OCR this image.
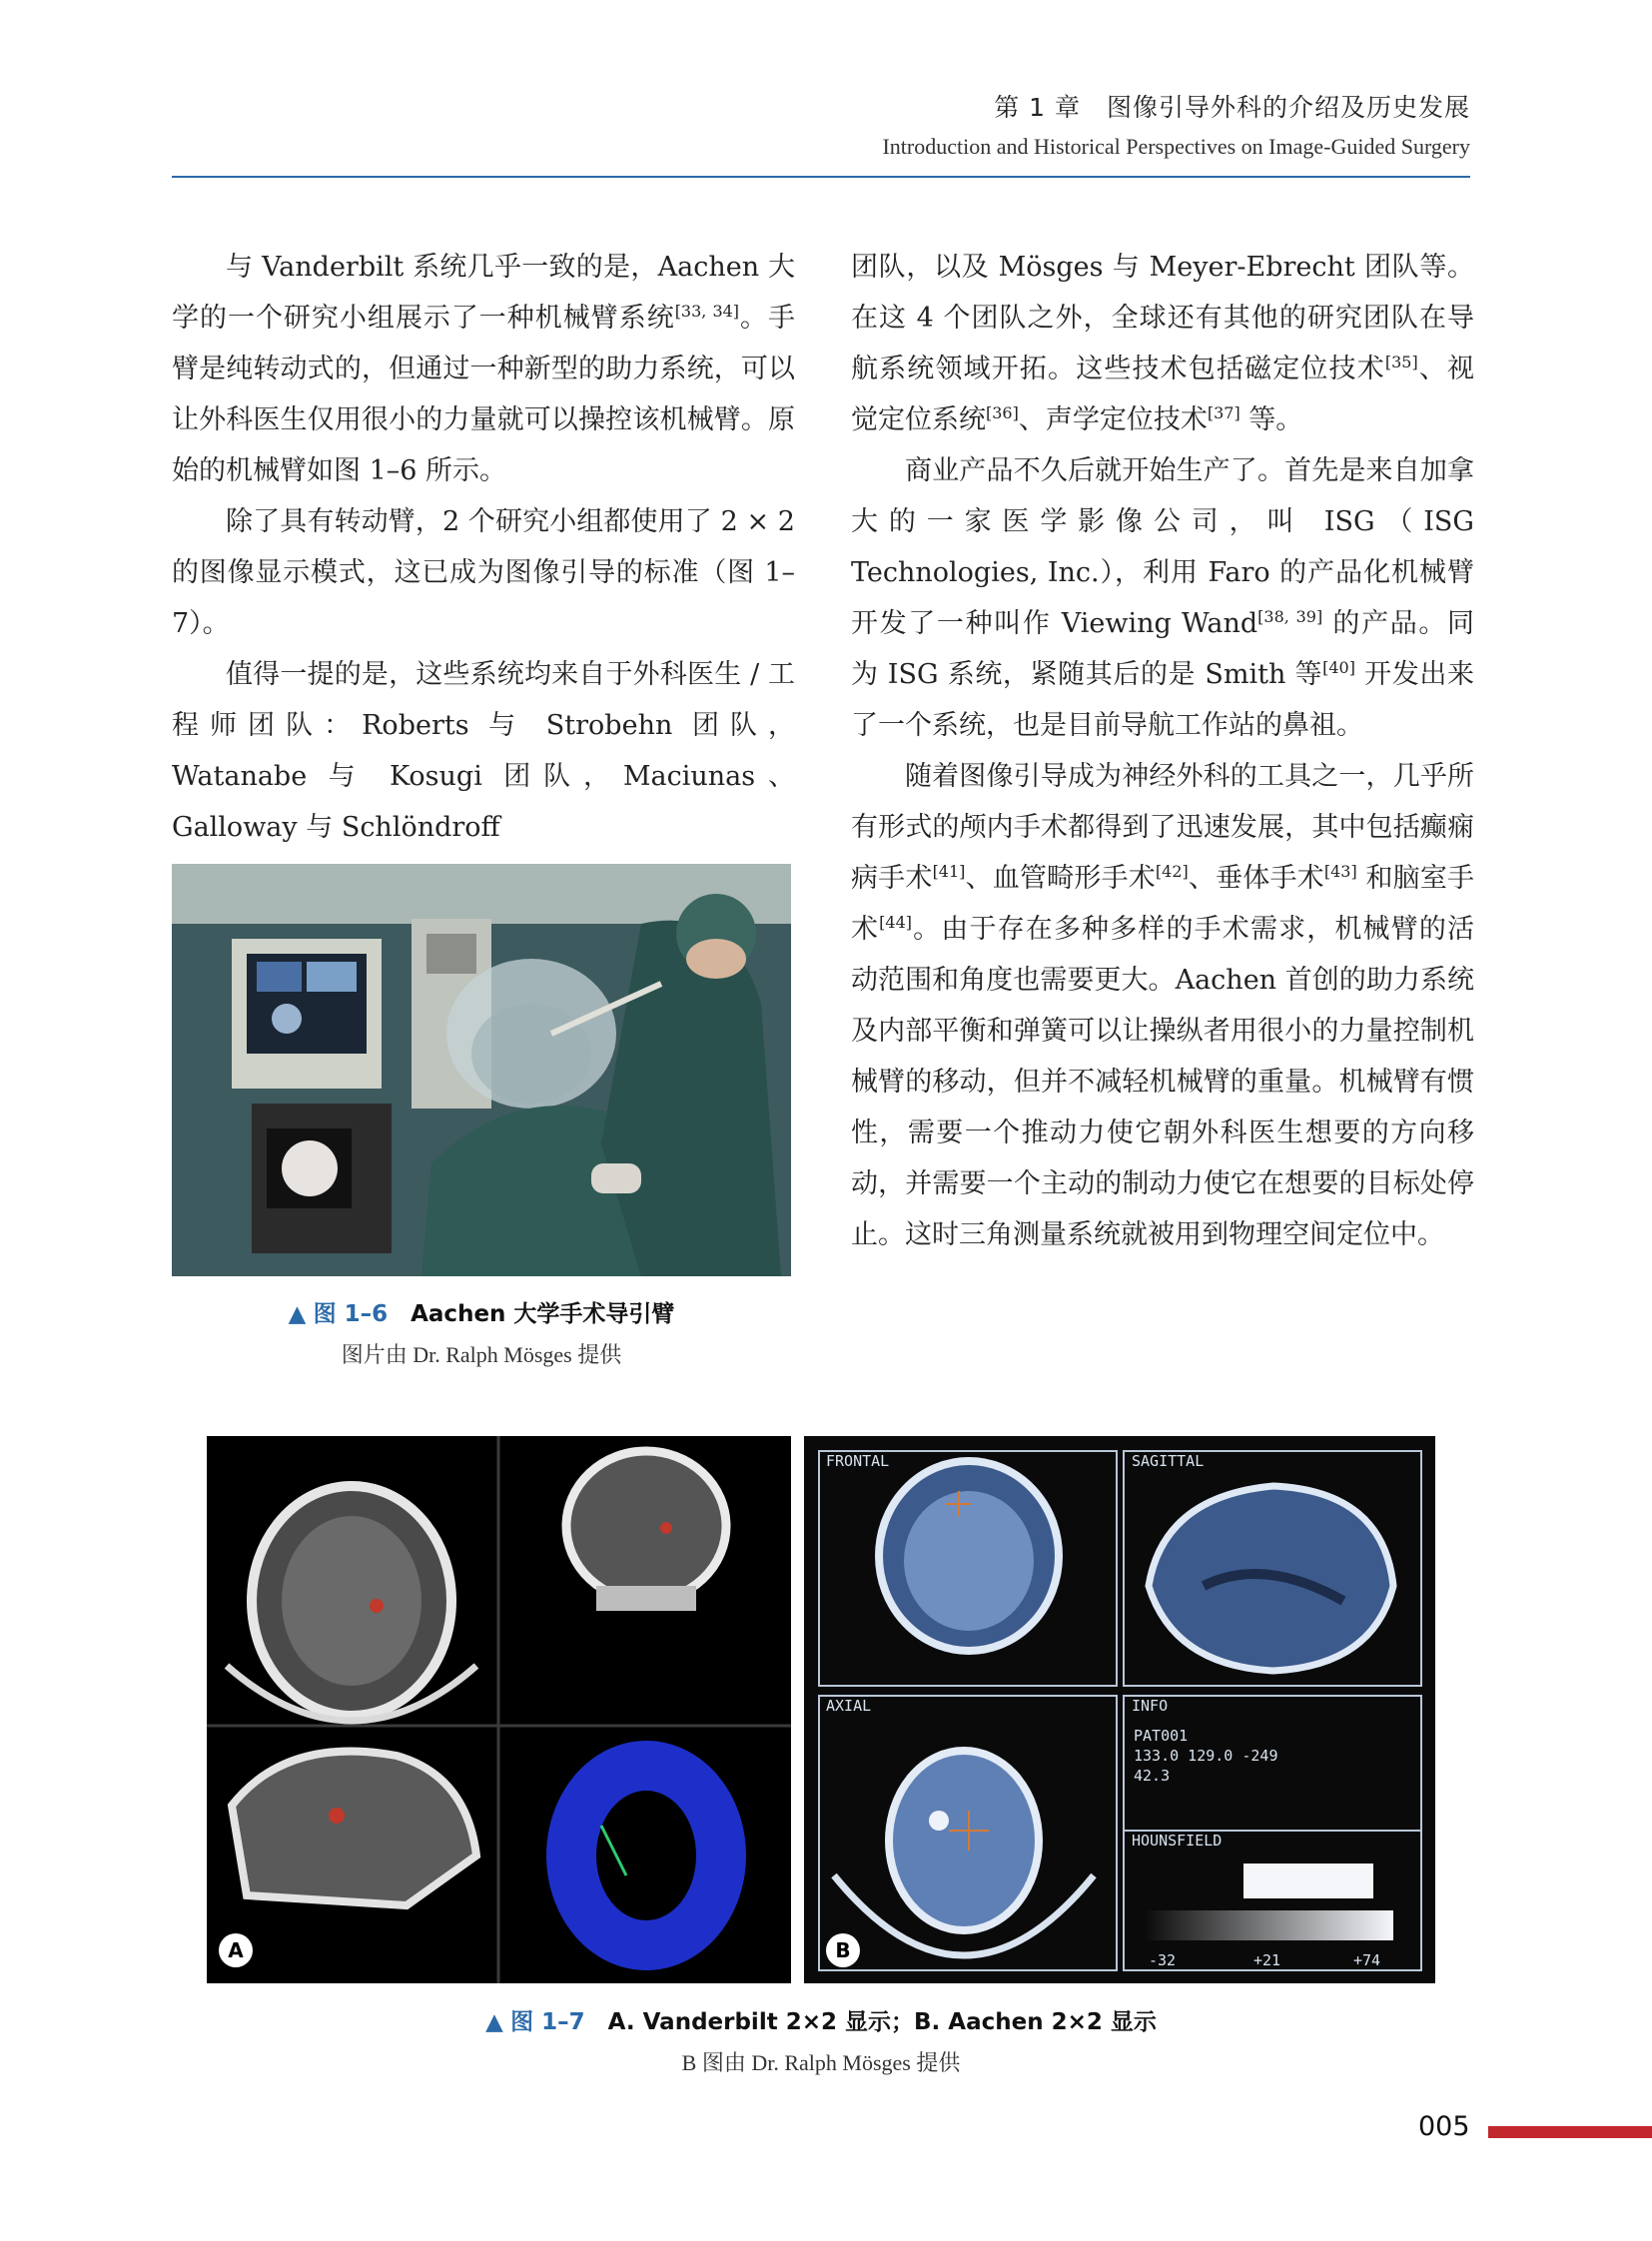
第 1 章　图像引导外科的介绍及历史发展
Introduction and Historical Perspectives on Image-Guided Surgery

与 Vanderbilt 系统几乎一致的是，Aachen 大学的一个研究小组展示了一种机械臂系统[33, 34]。手臂是纯转动式的，但通过一种新型的助力系统，可以让外科医生仅用很小的力量就可以操控该机械臂。原始的机械臂如图 1–6 所示。

除了具有转动臂，2 个研究小组都使用了 2 × 2 的图像显示模式，这已成为图像引导的标准（图 1–7）。

值得一提的是，这些系统均来自于外科医生 / 工程师团队：Roberts 与 Strobehn 团队，Watanabe 与 Kosugi 团队，Maciunas、Galloway 与 Schlöndroff

团队，以及 Mösges 与 Meyer-Ebrecht 团队等。在这 4 个团队之外，全球还有其他的研究团队在导航系统领域开拓。这些技术包括磁定位技术[35]、视觉定位系统[36]、声学定位技术[37] 等。

商业产品不久后就开始生产了。首先是来自加拿大的一家医学影像公司，叫 ISG（ISG Technologies, Inc.），利用 Faro 的产品化机械臂开发了一种叫作 Viewing Wand[38, 39] 的产品。同为 ISG 系统，紧随其后的是 Smith 等[40] 开发出来了一个系统，也是目前导航工作站的鼻祖。

随着图像引导成为神经外科的工具之一，几乎所有形式的颅内手术都得到了迅速发展，其中包括癫痫病手术[41]、血管畸形手术[42]、垂体手术[43] 和脑室手术[44]。由于存在多种多样的手术需求，机械臂的活动范围和角度也需要更大。Aachen 首创的助力系统及内部平衡和弹簧可以让操纵者用很小的力量控制机械臂的移动，但并不减轻机械臂的重量。机械臂有惯性，需要一个推动力使它朝外科医生想要的方向移动，并需要一个主动的制动力使它在想要的目标处停止。这时三角测量系统就被用到物理空间定位中。

▲ 图 1–6　 Aachen 大学手术导引臂
图片由 Dr. Ralph Mösges 提供
A
FRONTAL	SAGITTAL
AXIAL	INFO
PAT001
133.0 129.0 -249
42.3
HOUNSFIELD
-32	+21	+74
B
▲ 图 1–7　 A. Vanderbilt 2×2 显示；B. Aachen 2×2 显示
B 图由 Dr. Ralph Mösges 提供
005
